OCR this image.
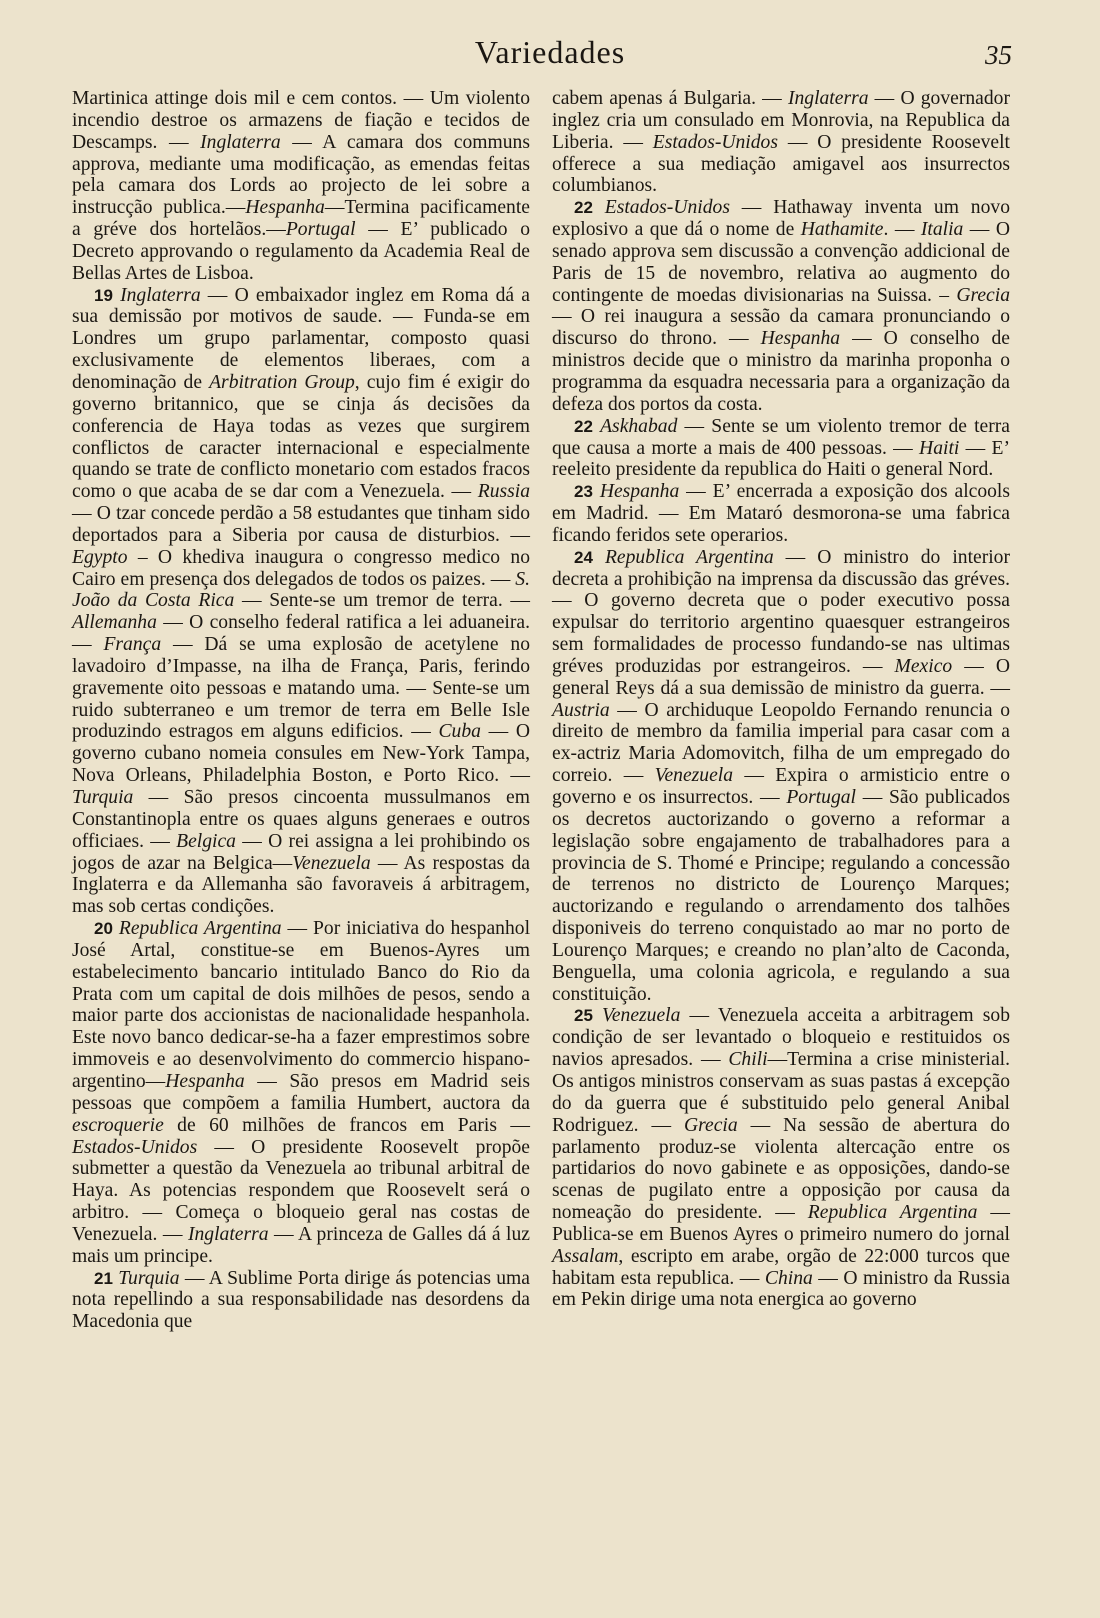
Variedades	35

Martinica attinge dois mil e cem contos. — Um violento incendio destroe os armazens de fiação e tecidos de Descamps. — Inglaterra — A camara dos communs approva, mediante uma modificação, as emendas feitas pela camara dos Lords ao projecto de lei sobre a instrucção publica.—Hespanha—Termina pacificamente a gréve dos hortelãos.—Portugal — E’ publicado o Decreto approvando o regulamento da Academia Real de Bellas Artes de Lisboa.

19 Inglaterra — O embaixador inglez em Roma dá a sua demissão por motivos de saude. — Funda-se em Londres um grupo parlamentar, composto quasi exclusivamente de elementos liberaes, com a denominação de Arbitration Group, cujo fim é exigir do governo britannico, que se cinja ás decisões da conferencia de Haya todas as vezes que surgirem conflictos de caracter internacional e especialmente quando se trate de conflicto monetario com estados fracos como o que acaba de se dar com a Venezuela. — Russia — O tzar concede perdão a 58 estudantes que tinham sido deportados para a Siberia por causa de disturbios. — Egypto – O khediva inaugura o congresso medico no Cairo em presença dos delegados de todos os paizes. — S. João da Costa Rica — Sente-se um tremor de terra. — Allemanha — O conselho federal ratifica a lei aduaneira. — França — Dá se uma explosão de acetylene no lavadoiro d’Impasse, na ilha de França, Paris, ferindo gravemente oito pessoas e matando uma. — Sente-se um ruido subterraneo e um tremor de terra em Belle Isle produzindo estragos em alguns edificios. — Cuba — O governo cubano nomeia consules em New-York Tampa, Nova Orleans, Philadelphia Boston, e Porto Rico. — Turquia — São presos cincoenta mussulmanos em Constantinopla entre os quaes alguns generaes e outros officiaes. — Belgica — O rei assigna a lei prohibindo os jogos de azar na Belgica—Venezuela — As respostas da Inglaterra e da Allemanha são favoraveis á arbitragem, mas sob certas condições.

20 Republica Argentina — Por iniciativa do hespanhol José Artal, constitue-se em Buenos-Ayres um estabelecimento bancario intitulado Banco do Rio da Prata com um capital de dois milhões de pesos, sendo a maior parte dos accionistas de nacionalidade hespanhola. Este novo banco dedicar-se-ha a fazer emprestimos sobre immoveis e ao desenvolvimento do commercio hispano-argentino—Hespanha — São presos em Madrid seis pessoas que compõem a familia Humbert, auctora da escroquerie de 60 milhões de francos em Paris — Estados-Unidos — O presidente Roosevelt propõe submetter a questão da Venezuela ao tribunal arbitral de Haya. As potencias respondem que Roosevelt será o arbitro. — Começa o bloqueio geral nas costas de Venezuela. — Inglaterra — A princeza de Galles dá á luz mais um principe.

21 Turquia — A Sublime Porta dirige ás potencias uma nota repellindo a sua responsabilidade nas desordens da Macedonia que

cabem apenas á Bulgaria. — Inglaterra — O governador inglez cria um consulado em Monrovia, na Republica da Liberia. — Estados-Unidos — O presidente Roosevelt offerece a sua mediação amigavel aos insurrectos columbianos.

22 Estados-Unidos — Hathaway inventa um novo explosivo a que dá o nome de Hathamite. — Italia — O senado approva sem discussão a convenção addicional de Paris de 15 de novembro, relativa ao augmento do contingente de moedas divisionarias na Suissa. – Grecia — O rei inaugura a sessão da camara pronunciando o discurso do throno. — Hespanha — O conselho de ministros decide que o ministro da marinha proponha o programma da esquadra necessaria para a organização da defeza dos portos da costa.

22 Askhabad — Sente se um violento tremor de terra que causa a morte a mais de 400 pessoas. — Haiti — E’ reeleito presidente da republica do Haiti o general Nord.

23 Hespanha — E’ encerrada a exposição dos alcools em Madrid. — Em Mataró desmorona-se uma fabrica ficando feridos sete operarios.

24 Republica Argentina — O ministro do interior decreta a prohibição na imprensa da discussão das gréves. — O governo decreta que o poder executivo possa expulsar do territorio argentino quaesquer estrangeiros sem formalidades de processo fundando-se nas ultimas gréves produzidas por estrangeiros. — Mexico — O general Reys dá a sua demissão de ministro da guerra. — Austria — O archiduque Leopoldo Fernando renuncia o direito de membro da familia imperial para casar com a ex-actriz Maria Adomovitch, filha de um empregado do correio. — Venezuela — Expira o armisticio entre o governo e os insurrectos. — Portugal — São publicados os decretos auctorizando o governo a reformar a legislação sobre engajamento de trabalhadores para a provincia de S. Thomé e Principe; regulando a concessão de terrenos no districto de Lourenço Marques; auctorizando e regulando o arrendamento dos talhões disponiveis do terreno conquistado ao mar no porto de Lourenço Marques; e creando no plan’alto de Caconda, Benguella, uma colonia agricola, e regulando a sua constituição.

25 Venezuela — Venezuela acceita a arbitragem sob condição de ser levantado o bloqueio e restituidos os navios apresados. — Chili—Termina a crise ministerial. Os antigos ministros conservam as suas pastas á excepção do da guerra que é substituido pelo general Anibal Rodriguez. — Grecia — Na sessão de abertura do parlamento produz-se violenta altercação entre os partidarios do novo gabinete e as opposições, dando-se scenas de pugilato entre a opposição por causa da nomeação do presidente. — Republica Argentina — Publica-se em Buenos Ayres o primeiro numero do jornal Assalam, escripto em arabe, orgão de 22:000 turcos que habitam esta republica. — China — O ministro da Russia em Pekin dirige uma nota energica ao governo
